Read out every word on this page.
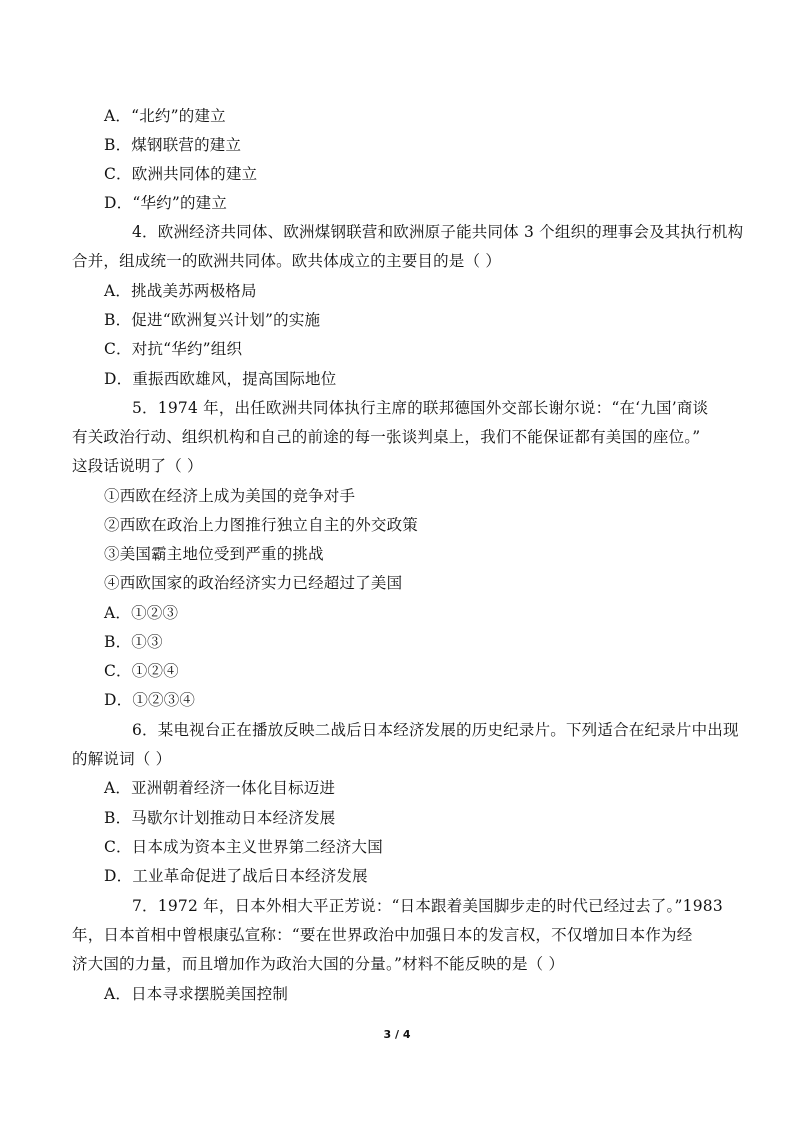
A．“北约”的建立
B．煤钢联营的建立
C．欧洲共同体的建立
D．“华约”的建立
4．欧洲经济共同体、欧洲煤钢联营和欧洲原子能共同体 3 个组织的理事会及其执行机构
合并，组成统一的欧洲共同体。欧共体成立的主要目的是（ ）
A．挑战美苏两极格局
B．促进“欧洲复兴计划”的实施
C．对抗“华约”组织
D．重振西欧雄风，提高国际地位
5．1974 年，出任欧洲共同体执行主席的联邦德国外交部长谢尔说：“在‘九国’商谈
有关政治行动、组织机构和自己的前途的每一张谈判桌上，我们不能保证都有美国的座位。”
这段话说明了（ ）
①西欧在经济上成为美国的竞争对手
②西欧在政治上力图推行独立自主的外交政策
③美国霸主地位受到严重的挑战
④西欧国家的政治经济实力已经超过了美国
A．①②③
B．①③
C．①②④
D．①②③④
6．某电视台正在播放反映二战后日本经济发展的历史纪录片。下列适合在纪录片中出现
的解说词（ ）
A．亚洲朝着经济一体化目标迈进
B．马歇尔计划推动日本经济发展
C．日本成为资本主义世界第二经济大国
D．工业革命促进了战后日本经济发展
7．1972 年，日本外相大平正芳说：“日本跟着美国脚步走的时代已经过去了。”1983
年，日本首相中曾根康弘宣称：“要在世界政治中加强日本的发言权，不仅增加日本作为经
济大国的力量，而且增加作为政治大国的分量。”材料不能反映的是（ ）
A．日本寻求摆脱美国控制
3 / 4
